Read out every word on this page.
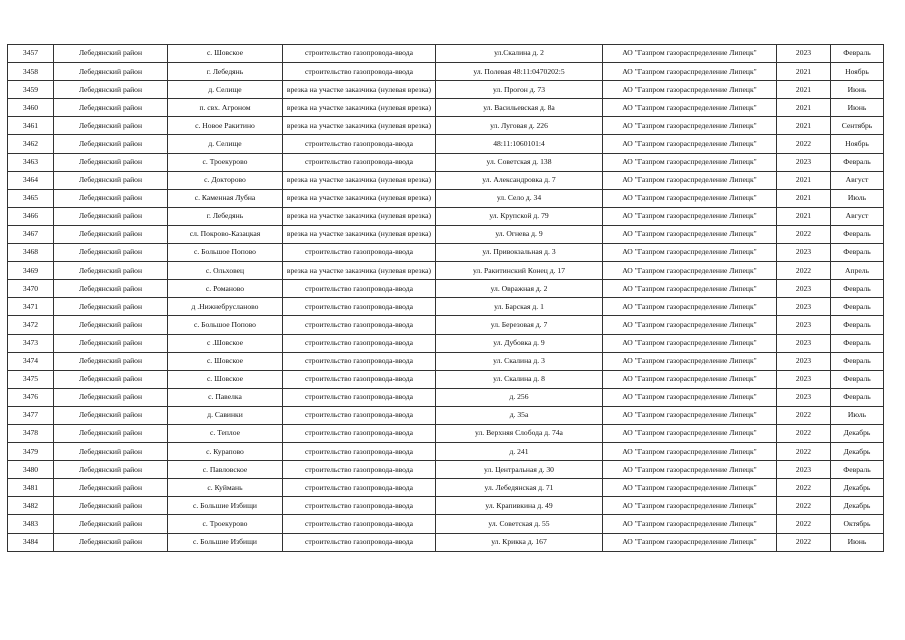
3457	Лебедянский район	с. Шовское	строительство газопровода-ввода	ул.Скалина д. 2	АО "Газпром газораспределение Липецк"	2023	Февраль
3458	Лебедянский район	г. Лебедянь	строительство газопровода-ввода	ул. Полевая 48:11:0470202:5	АО "Газпром газораспределение Липецк"	2021	Ноябрь
3459	Лебедянский район	д. Селище	врезка на участке заказчика (нулевая врезка)	ул. Прогон д. 73	АО "Газпром газораспределение Липецк"	2021	Июнь
3460	Лебедянский район	п. свх. Агроном	врезка на участке заказчика (нулевая врезка)	ул. Васильевская д. 8а	АО "Газпром газораспределение Липецк"	2021	Июнь
3461	Лебедянский район	с. Новое Ракитино	врезка на участке заказчика (нулевая врезка)	ул. Луговая д. 226	АО "Газпром газораспределение Липецк"	2021	Сентябрь
3462	Лебедянский район	д. Селище	строительство газопровода-ввода	48:11:1060101:4	АО "Газпром газораспределение Липецк"	2022	Ноябрь
3463	Лебедянский район	с. Троекурово	строительство газопровода-ввода	ул. Советская д. 138	АО "Газпром газораспределение Липецк"	2023	Февраль
3464	Лебедянский район	с. Докторово	врезка на участке заказчика (нулевая врезка)	ул. Александровка д. 7	АО "Газпром газораспределение Липецк"	2021	Август
3465	Лебедянский район	с. Каменная Лубна	врезка на участке заказчика (нулевая врезка)	ул. Село д. 34	АО "Газпром газораспределение Липецк"	2021	Июль
3466	Лебедянский район	г. Лебедянь	врезка на участке заказчика (нулевая врезка)	ул. Крупской д. 79	АО "Газпром газораспределение Липецк"	2021	Август
3467	Лебедянский район	сл. Покрово-Казацкая	врезка на участке заказчика (нулевая врезка)	ул. Огнева д. 9	АО "Газпром газораспределение Липецк"	2022	Февраль
3468	Лебедянский район	с. Большое Попово	строительство газопровода-ввода	ул. Привокзальная д. 3	АО "Газпром газораспределение Липецк"	2023	Февраль
3469	Лебедянский район	с. Ольховец	врезка на участке заказчика (нулевая врезка)	ул. Ракитинский Конец д. 17	АО "Газпром газораспределение Липецк"	2022	Апрель
3470	Лебедянский район	с. Романово	строительство газопровода-ввода	ул. Овражная д. 2	АО "Газпром газораспределение Липецк"	2023	Февраль
3471	Лебедянский район	д .Нижнебрусланово	строительство газопровода-ввода	ул. Барская д. 1	АО "Газпром газораспределение Липецк"	2023	Февраль
3472	Лебедянский район	с. Большое Попово	строительство газопровода-ввода	ул. Березовая д. 7	АО "Газпром газораспределение Липецк"	2023	Февраль
3473	Лебедянский район	с .Шовское	строительство газопровода-ввода	ул. Дубовка д. 9	АО "Газпром газораспределение Липецк"	2023	Февраль
3474	Лебедянский район	с. Шовское	строительство газопровода-ввода	ул. Скалина д. 3	АО "Газпром газораспределение Липецк"	2023	Февраль
3475	Лебедянский район	с. Шовское	строительство газопровода-ввода	ул. Скалина д. 8	АО "Газпром газораспределение Липецк"	2023	Февраль
3476	Лебедянский район	с. Павелка	строительство газопровода-ввода	д. 256	АО "Газпром газораспределение Липецк"	2023	Февраль
3477	Лебедянский район	д. Савинки	строительство газопровода-ввода	д. 35а	АО "Газпром газораспределение Липецк"	2022	Июль
3478	Лебедянский район	с. Теплое	строительство газопровода-ввода	ул. Верхняя Слобода д. 74а	АО "Газпром газораспределение Липецк"	2022	Декабрь
3479	Лебедянский район	с. Курапово	строительство газопровода-ввода	д. 241	АО "Газпром газораспределение Липецк"	2022	Декабрь
3480	Лебедянский район	с. Павловское	строительство газопровода-ввода	ул. Центральная д. 30	АО "Газпром газораспределение Липецк"	2023	Февраль
3481	Лебедянский район	с. Куймань	строительство газопровода-ввода	ул. Лебедянская д. 71	АО "Газпром газораспределение Липецк"	2022	Декабрь
3482	Лебедянский район	с. Большие Избищи	строительство газопровода-ввода	ул. Крапивкина д. 49	АО "Газпром газораспределение Липецк"	2022	Декабрь
3483	Лебедянский район	с. Троекурово	строительство газопровода-ввода	ул. Советская д. 55	АО "Газпром газораспределение Липецк"	2022	Октябрь
3484	Лебедянский район	с. Большие Избищи	строительство газопровода-ввода	ул. Крикка д. 167	АО "Газпром газораспределение Липецк"	2022	Июнь
